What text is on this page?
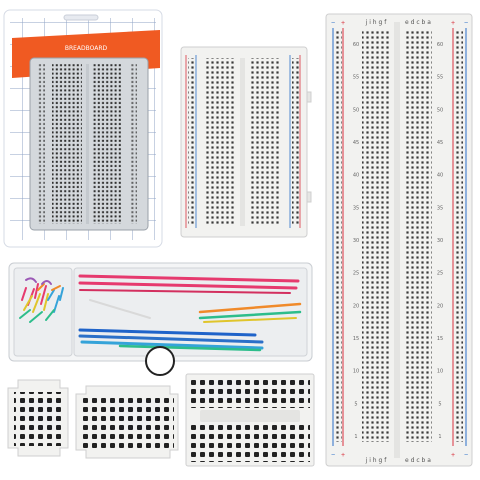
BREADBOARD
j i h g f	e d c b a
j i h g f	e d c b a
+
−	+ −
+
−	+ −
60	60
55	55
50	50
45	45
40	40
35	35
30	30
25	25
20	20
15	15
10	10
5	5
1	1
